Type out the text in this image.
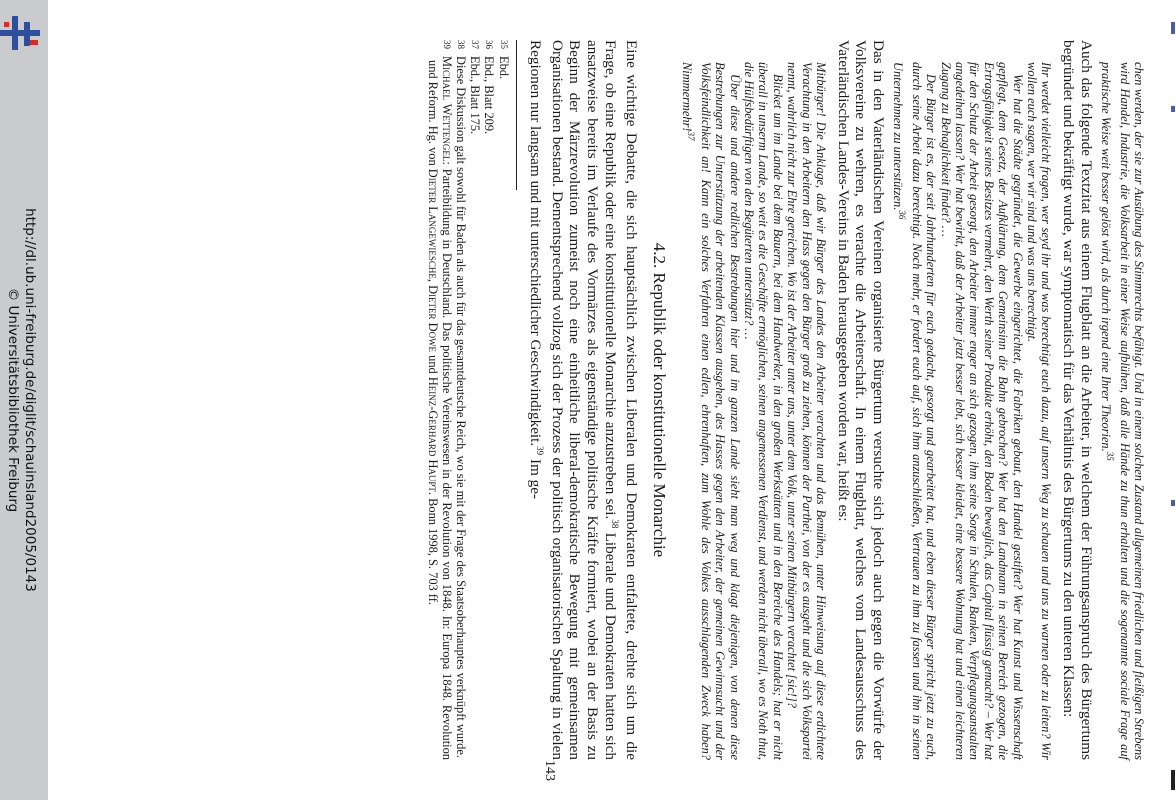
http://dl.ub.uni-freiburg.de/diglit/schauinsland2005/0143
© Universitätsbibliothek Freiburg	chen werden, der sie zur Ausübung des Stimmrechts befähigt. Und in einem solchen Zustand allgemeinen friedlichen und fleißigen Strebens wird Handel, Industrie, die Volksarbeit in einer Weise aufblühen, daß alle Hände zu thun erhalten und die sogenannte sociale Frage auf praktische Weise weit besser gelöst wird, als durch irgend eine Ihrer Theorien.$^{35}$

Auch das folgende Textzitat aus einem Flugblatt an die Arbeiter, in welchem der Führungsanspruch des Bürgertums begründet und bekräftigt wurde, war symptomatisch für das Verhältnis des Bürgertums zu den unteren Klassen:

Ihr werdet vielleicht fragen, wer seyd ihr und was berechtigt euch dazu, auf unsern Weg zu schauen und uns zu warnen oder zu leiten? Wir wollen euch sagen, wer wir sind und was uns berechtigt.

Wer hat die Städte gegründet, die Gewerbe eingerichtet, die Fabriken gebaut, den Handel gestiftet? Wer hat Kunst und Wissenschaft gepflegt, dem Gesetz, der Aufklärung, dem Gemeinsinn die Bahn gebrochen? Wer hat den Landmann in seinen Bereich gezogen, die Ertragsfähigkeit seines Besitzes vermehrt, den Werth seiner Produkte erhöht, den Boden beweglich, das Capital flüssig gemacht? – Wer hat für den Schutz der Arbeit gesorgt, den Arbeiter immer enger an sich gezogen, ihm seine Sorge in Schulen, Banken, Verpflegungsanstalten angedeihen lassen? Wer hat bewirkt, daß der Arbeiter jetzt besser lebt, sich besser kleidet, eine bessere Wohnung hat und einen leichteren Zugang zu Behaglichkeit findet? …

Der Bürger ist es, der seit Jahrhunderten für euch gedacht, gesorgt und gearbeitet hat, und eben dieser Bürger spricht jetzt zu euch, durch seine Arbeit dazu berechtigt. Noch mehr, er fordert euch auf, sich ihm anzuschließen, Vertrauen zu ihm zu fassen und ihn in seinen Unternehmen zu unterstützen.$^{36}$

Das in den Vaterländischen Vereinen organisierte Bürgertum versuchte sich jedoch auch gegen die Vorwürfe der Volksvereine zu wehren, es verachte die Arbeiterschaft. In einem Flugblatt, welches vom Landesausschuss des Vaterländischen Landes-Vereins in Baden herausgegeben worden war, heißt es:

Mitbürger! Die Anklage, daß wir Bürger des Landes den Arbeiter verachten und das Bemühen, unter Hinweisung auf diese erdichtete Verachtung in den Arbeitern den Hass gegen den Bürger groß zu ziehen, können der Parthei, von der es ausgeht und die sich Volkspartei nennt, wahrlich nicht zur Ehre gereichen. Wo ist der Arbeiter unter uns, unter dem Volk, unter seinen Mitbürgern verachtet [sic!]?

Blicket um im Lande bei dem Bauern, bei dem Handwerker, in den großen Werkstätten und in den Bereiche des Handels; hat er nicht überall in unserm Lande, so weit es die Geschäfte ermöglichen, seinen angemessenen Verdienst, und werden nicht überall, wo es Noth thut, die Hülfsbedürftigen von den Begüterten unterstützt? …

Über diese und andere redlichen Bestrebungen hier und im ganzen Lande sieht man weg und klagt diejenigen, von denen diese Bestrebungen zur Unterstützung der arbeitenden Klassen ausgehen, des Hasses gegen den Arbeiter, der gemeinen Gewinnsucht und der Volksfeindlichkeit an! Kann ein solches Verfahren einen edlen, ehrenhaften, zum Wohle des Volkes ausschlagenden Zweck haben? Nimmermehr!$^{37}$

4.2. Republik oder konstitutionelle Monarchie

Eine wichtige Debatte, die sich hauptsächlich zwischen Liberalen und Demokraten entfaltete, drehte sich um die Frage, ob eine Republik oder eine konstitutionelle Monarchie anzustreben sei.$^{38}$ Liberale und Demokraten hatten sich ansatzweise bereits im Verlaufe des Vormärzes als eigenständige politische Kräfte formiert, wobei an der Basis zu Beginn der Märzrevolution zumeist noch eine einheitliche liberal-demokratische Bewegung mit gemeinsamen Organisationen bestand. Dementsprechend vollzog sich der Prozess der politisch organisatorischen Spaltung in vielen Regionen nur langsam und mit unterschiedlicher Geschwindigkeit.$^{39}$ Im ge-

$^{35}$Ebd.
$^{36}$Ebd., Blatt 209.
$^{37}$Ebd., Blatt 175.
$^{38}$Diese Diskussion galt sowohl für Baden als auch für das gesamtdeutsche Reich, wo sie mit der Frage des Staatsoberhauptes verknüpft wurde.
$^{39}$Michael Wettengel: Parteibildung in Deutschland. Das politische Vereinswesen in der Revolution von 1848. In: Europa 1848. Revolution und Reform. Hg. von Dieter Langewiesche, Dieter Dowe und Heinz-Gerhard Haupt. Bonn 1998, S. 703 ff.
143
